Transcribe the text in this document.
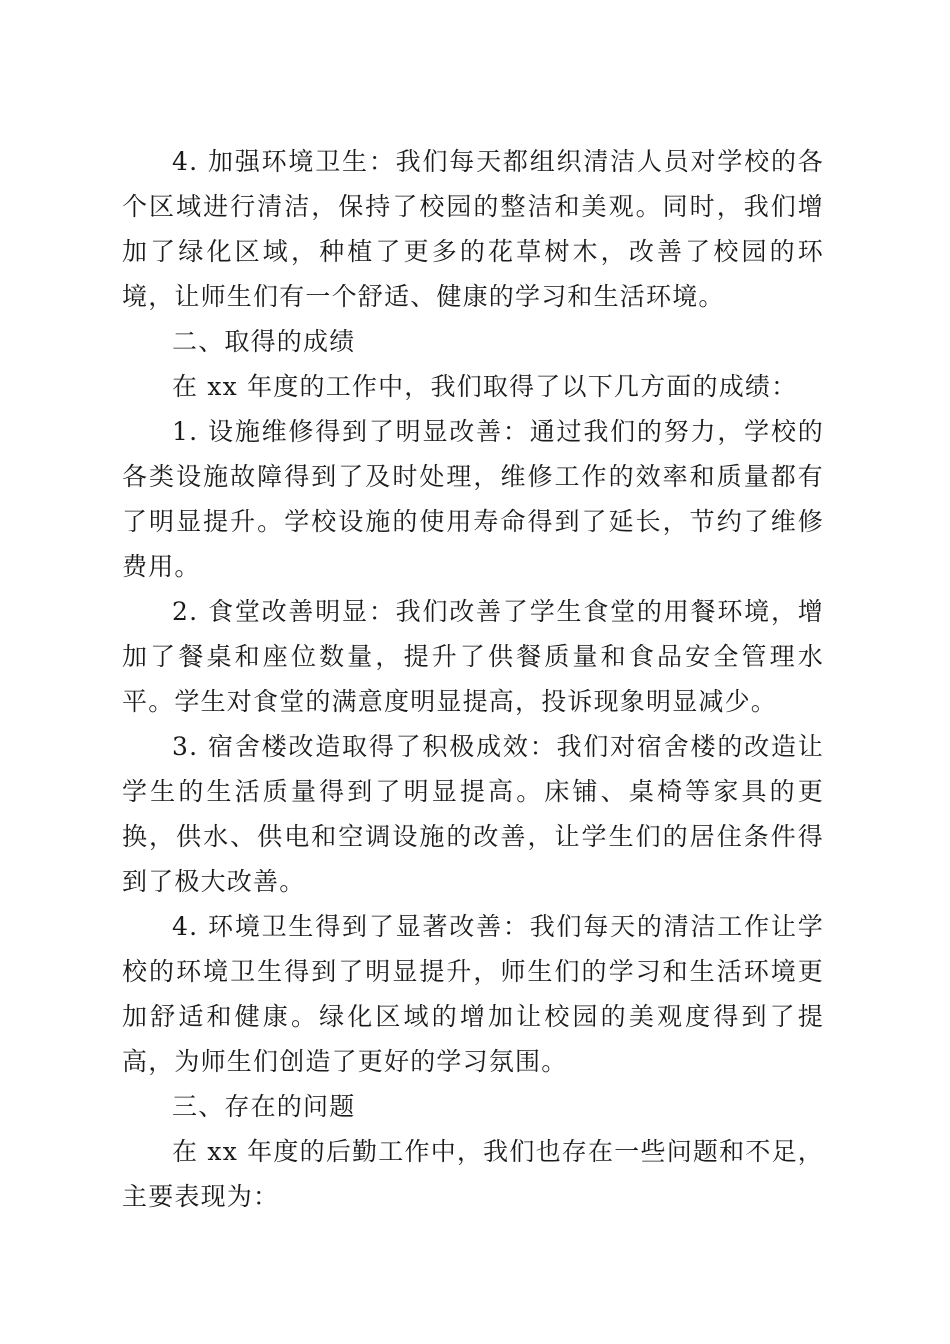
4. 加强环境卫生：我们每天都组织清洁人员对学校的各个区域进行清洁，保持了校园的整洁和美观。同时，我们增加了绿化区域，种植了更多的花草树木，改善了校园的环境，让师生们有一个舒适、健康的学习和生活环境。

二、取得的成绩

在 xx 年度的工作中，我们取得了以下几方面的成绩：

1. 设施维修得到了明显改善：通过我们的努力，学校的各类设施故障得到了及时处理，维修工作的效率和质量都有了明显提升。学校设施的使用寿命得到了延长，节约了维修费用。

2. 食堂改善明显：我们改善了学生食堂的用餐环境，增加了餐桌和座位数量，提升了供餐质量和食品安全管理水平。学生对食堂的满意度明显提高，投诉现象明显减少。

3. 宿舍楼改造取得了积极成效：我们对宿舍楼的改造让学生的生活质量得到了明显提高。床铺、桌椅等家具的更换，供水、供电和空调设施的改善，让学生们的居住条件得到了极大改善。

4. 环境卫生得到了显著改善：我们每天的清洁工作让学校的环境卫生得到了明显提升，师生们的学习和生活环境更加舒适和健康。绿化区域的增加让校园的美观度得到了提高，为师生们创造了更好的学习氛围。

三、存在的问题

在 xx 年度的后勤工作中，我们也存在一些问题和不足，主要表现为：
